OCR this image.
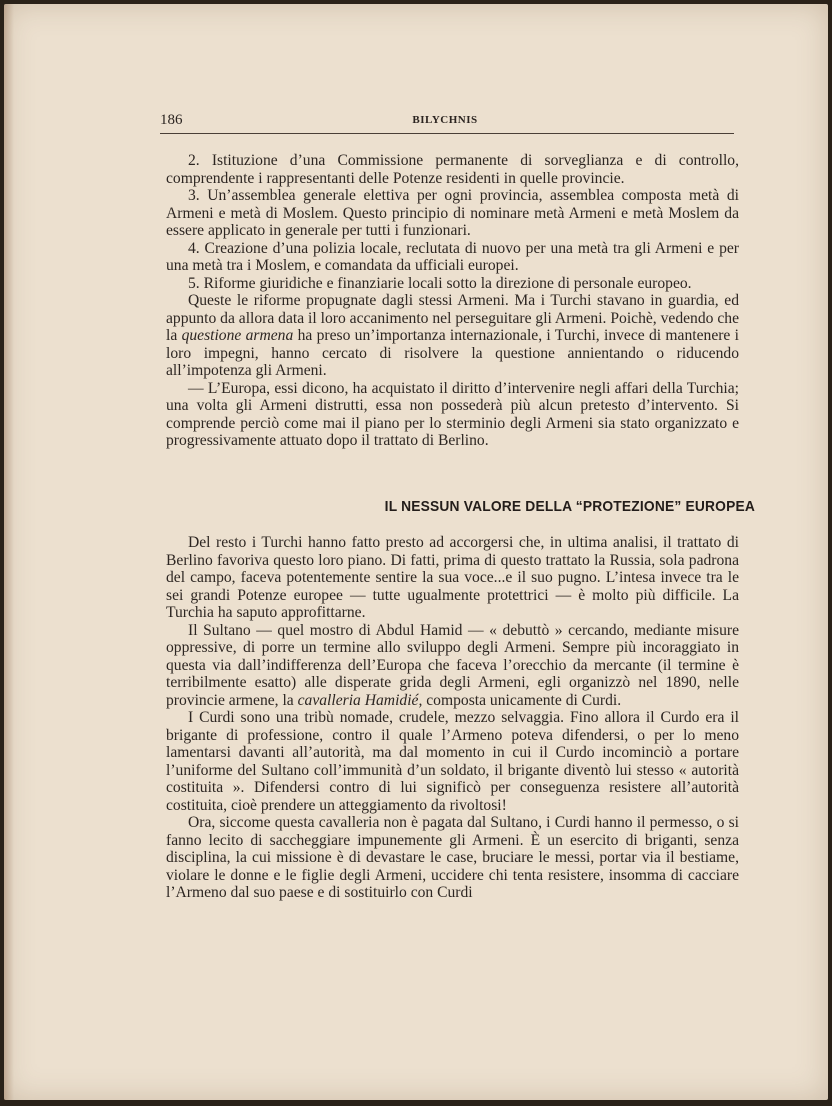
186	BILYCHNIS

2. Istituzione d’una Commissione permanente di sorveglianza e di controllo, comprendente i rappresentanti delle Potenze residenti in quelle provincie.

3. Un’assemblea generale elettiva per ogni provincia, assemblea composta metà di Armeni e metà di Moslem. Questo principio di nominare metà Armeni e metà Moslem da essere applicato in generale per tutti i funzionari.

4. Creazione d’una polizia locale, reclutata di nuovo per una metà tra gli Armeni e per una metà tra i Moslem, e comandata da ufficiali europei.

5. Riforme giuridiche e finanziarie locali sotto la direzione di personale europeo.

Queste le riforme propugnate dagli stessi Armeni. Ma i Turchi stavano in guardia, ed appunto da allora data il loro accanimento nel perseguitare gli Armeni. Poichè, vedendo che la questione armena ha preso un’importanza internazionale, i Turchi, invece di mantenere i loro impegni, hanno cercato di risolvere la questione annientando o riducendo all’impotenza gli Armeni.

— L’Europa, essi dicono, ha acquistato il diritto d’intervenire negli affari della Turchia; una volta gli Armeni distrutti, essa non possederà più alcun pretesto d’intervento. Si comprende perciò come mai il piano per lo sterminio degli Armeni sia stato organizzato e progressivamente attuato dopo il trattato di Berlino.

IL NESSUN VALORE DELLA “PROTEZIONE” EUROPEA

Del resto i Turchi hanno fatto presto ad accorgersi che, in ultima analisi, il trattato di Berlino favoriva questo loro piano. Di fatti, prima di questo trattato la Russia, sola padrona del campo, faceva potentemente sentire la sua voce...e il suo pugno. L’intesa invece tra le sei grandi Potenze europee — tutte ugualmente protettrici — è molto più difficile. La Turchia ha saputo approfittarne.

Il Sultano — quel mostro di Abdul Hamid — « debuttò » cercando, mediante misure oppressive, di porre un termine allo sviluppo degli Armeni. Sempre più incoraggiato in questa via dall’indifferenza dell’Europa che faceva l’orecchio da mercante (il termine è terribilmente esatto) alle disperate grida degli Armeni, egli organizzò nel 1890, nelle provincie armene, la cavalleria Hamidié, composta unicamente di Curdi.

I Curdi sono una tribù nomade, crudele, mezzo selvaggia. Fino allora il Curdo era il brigante di professione, contro il quale l’Armeno poteva difendersi, o per lo meno lamentarsi davanti all’autorità, ma dal momento in cui il Curdo incominciò a portare l’uniforme del Sultano coll’immunità d’un soldato, il brigante diventò lui stesso « autorità costituita ». Difendersi contro di lui significò per conseguenza resistere all’autorità costituita, cioè prendere un atteggiamento da rivoltosi!

Ora, siccome questa cavalleria non è pagata dal Sultano, i Curdi hanno il permesso, o si fanno lecito di saccheggiare impunemente gli Armeni. È un esercito di briganti, senza disciplina, la cui missione è di devastare le case, bruciare le messi, portar via il bestiame, violare le donne e le figlie degli Armeni, uccidere chi tenta resistere, insomma di cacciare l’Armeno dal suo paese e di sostituirlo con Curdi
